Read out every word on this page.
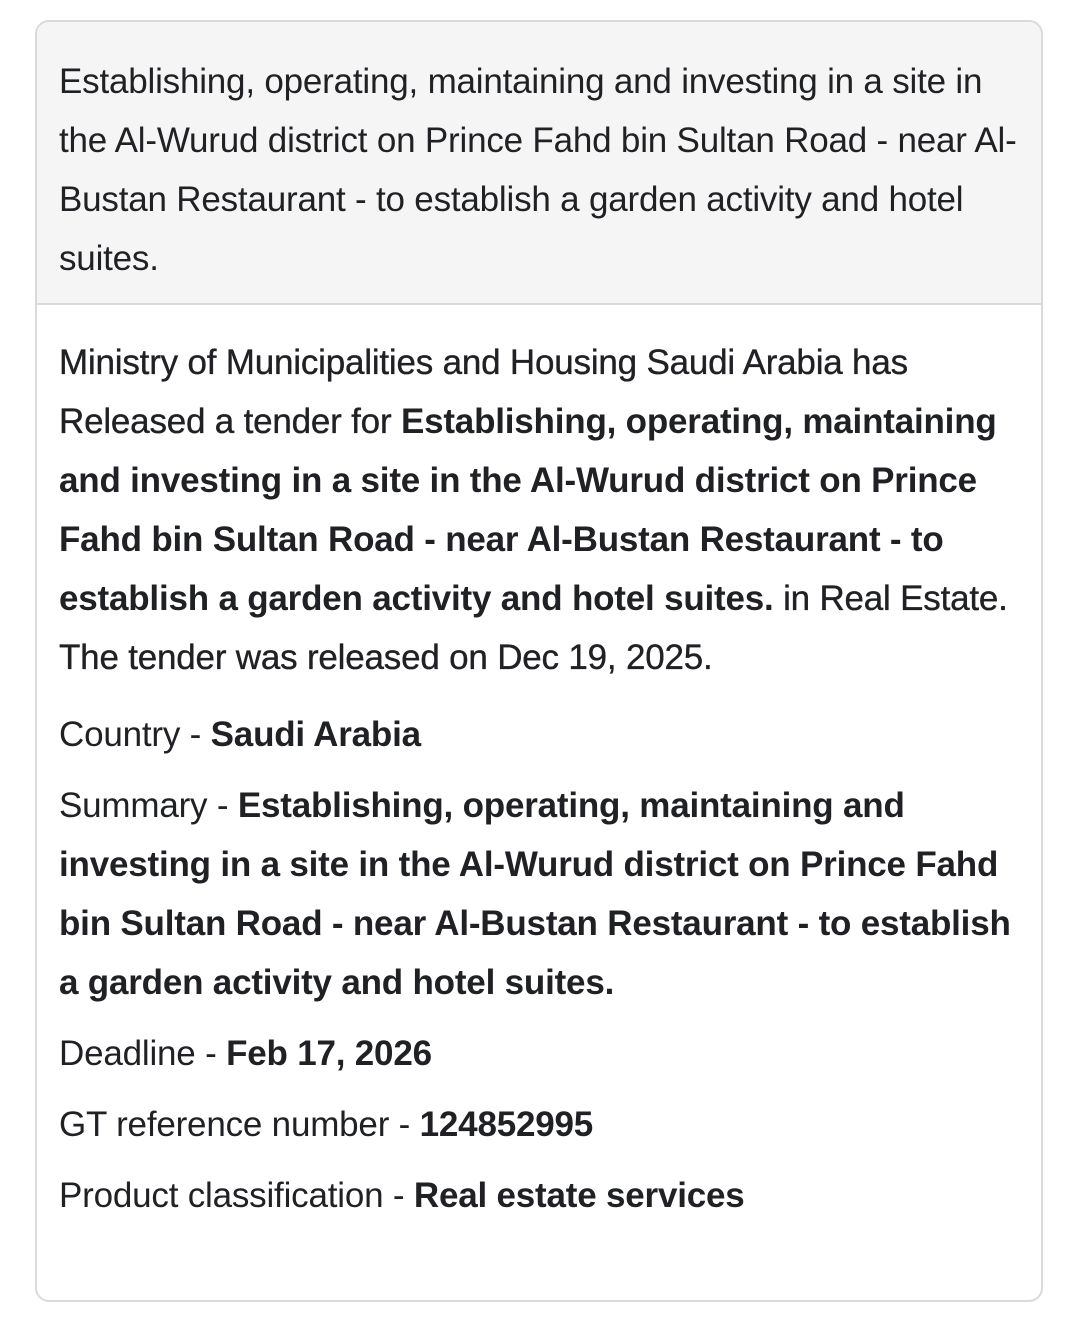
Establishing, operating, maintaining and investing in a site in the Al-Wurud district on Prince Fahd bin Sultan Road - near Al-Bustan Restaurant - to establish a garden activity and hotel suites.

Ministry of Municipalities and Housing Saudi Arabia has Released a tender for Establishing, operating, maintaining and investing in a site in the Al-Wurud district on Prince Fahd bin Sultan Road - near Al-Bustan Restaurant - to establish a garden activity and hotel suites. in Real Estate. The tender was released on Dec 19, 2025.

Country - Saudi Arabia

Summary - Establishing, operating, maintaining and investing in a site in the Al-Wurud district on Prince Fahd bin Sultan Road - near Al-Bustan Restaurant - to establish a garden activity and hotel suites.

Deadline - Feb 17, 2026

GT reference number - 124852995

Product classification - Real estate services
